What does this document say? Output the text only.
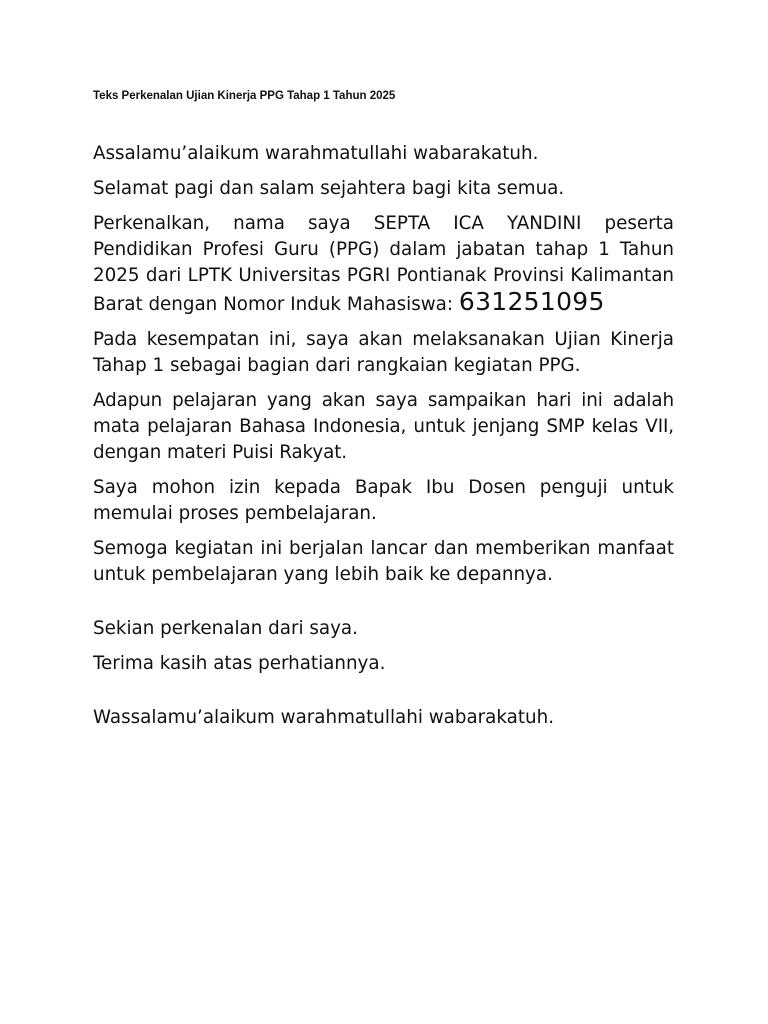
Teks Perkenalan Ujian Kinerja PPG Tahap 1 Tahun 2025

Assalamu’alaikum warahmatullahi wabarakatuh.

Selamat pagi dan salam sejahtera bagi kita semua.

Perkenalkan, nama saya SEPTA ICA YANDINI peserta Pendidikan Profesi Guru (PPG) dalam jabatan tahap 1 Tahun 2025 dari LPTK Universitas PGRI Pontianak Provinsi Kalimantan Barat dengan Nomor Induk Mahasiswa: 631251095

Pada kesempatan ini, saya akan melaksanakan Ujian Kinerja Tahap 1 sebagai bagian dari rangkaian kegiatan PPG.

Adapun pelajaran yang akan saya sampaikan hari ini adalah mata pelajaran Bahasa Indonesia, untuk jenjang SMP kelas VII, dengan materi Puisi Rakyat.

Saya mohon izin kepada Bapak Ibu Dosen penguji untuk memulai proses pembelajaran.

Semoga kegiatan ini berjalan lancar dan memberikan manfaat untuk pembelajaran yang lebih baik ke depannya.

Sekian perkenalan dari saya.

Terima kasih atas perhatiannya.

Wassalamu’alaikum warahmatullahi wabarakatuh.
